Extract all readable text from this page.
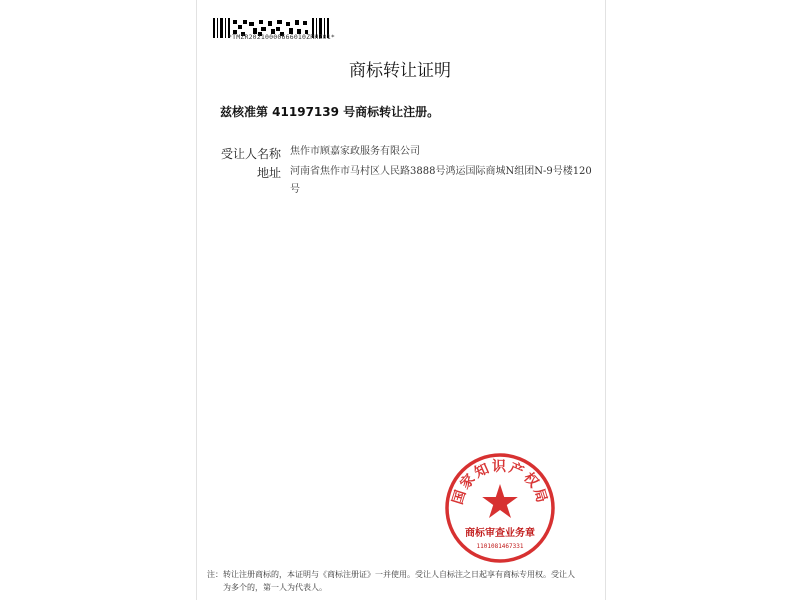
*TMZR20210000666010ZRHZ01*
商标转让证明
兹核准第 41197139 号商标转让注册。
受让人名称 焦作市顾嘉家政服务有限公司
地址 河南省焦作市马村区人民路3888号鸿运国际商城N组团N-9号楼120
号
国家知识产权局
商标审查业务章
1101081467331
注：转让注册商标的，本证明与《商标注册证》一并使用。受让人自标注之日起享有商标专用权。受让人
为多个的，第一人为代表人。
